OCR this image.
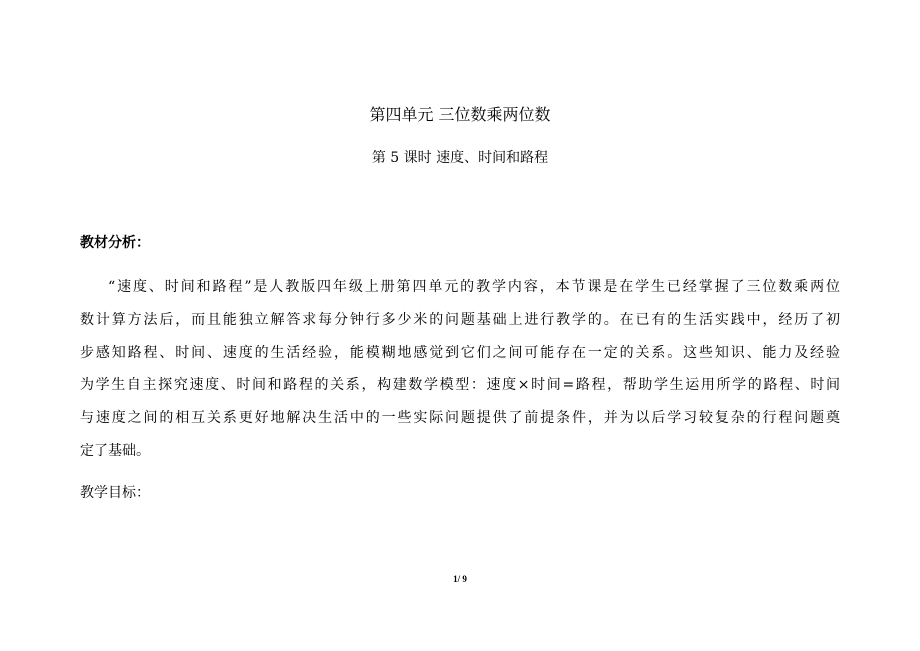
第四单元 三位数乘两位数
第 5 课时 速度、时间和路程
教材分析：
“速度、时间和路程”是人教版四年级上册第四单元的教学内容，本节课是在学生已经掌握了三位数乘两位
数计算方法后，而且能独立解答求每分钟行多少米的问题基础上进行教学的。在已有的生活实践中，经历了初
步感知路程、时间、速度的生活经验，能模糊地感觉到它们之间可能存在一定的关系。这些知识、能力及经验
为学生自主探究速度、时间和路程的关系，构建数学模型：速度×时间=路程，帮助学生运用所学的路程、时间
与速度之间的相互关系更好地解决生活中的一些实际问题提供了前提条件，并为以后学习较复杂的行程问题奠
定了基础。
教学目标：
1/ 9
